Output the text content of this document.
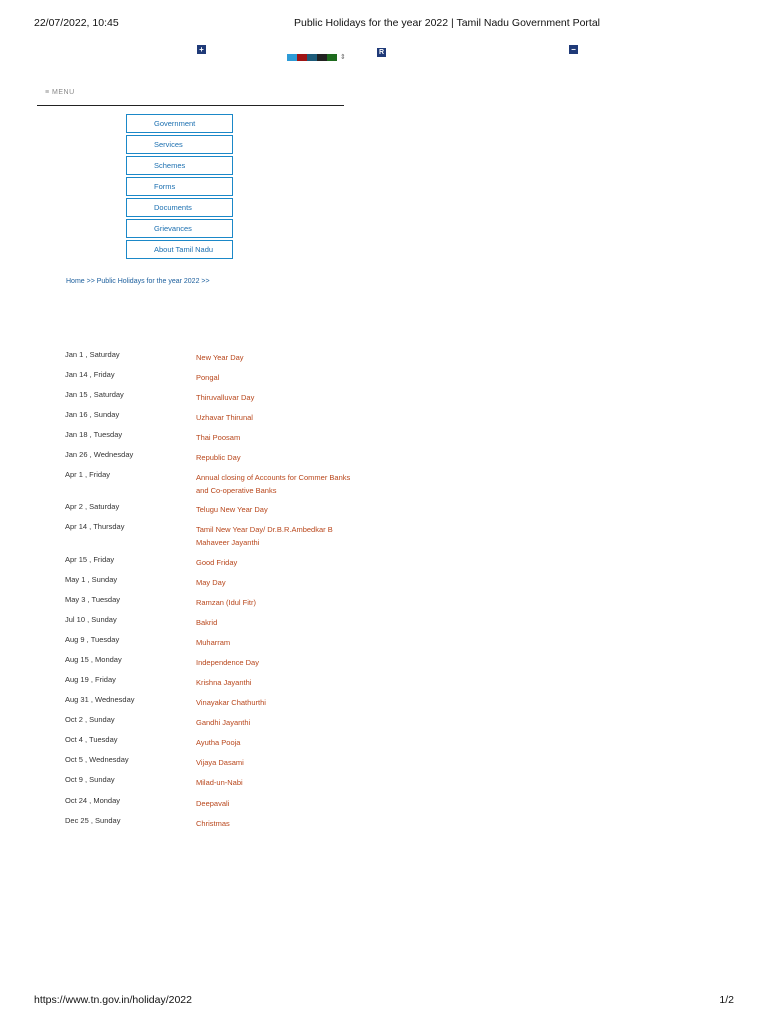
22/07/2022, 10:45	Public Holidays for the year 2022 | Tamil Nadu Government Portal
+
⇕
R	−
≡ MENU
Government
Services
Schemes
Forms
Documents
Grievances
About Tamil Nadu
Home >> Public Holidays for the year 2022 >>
Jan 1 , Saturday	New Year Day
Jan 14 , Friday	Pongal
Jan 15 , Saturday	Thiruvalluvar Day
Jan 16 , Sunday	Uzhavar Thirunal
Jan 18 , Tuesday	Thai Poosam
Jan 26 , Wednesday	Republic Day
Apr 1 , Friday	Annual closing of Accounts for Commer Banks and Co-operative Banks
Apr 2 , Saturday	Telugu New Year Day
Apr 14 , Thursday	Tamil New Year Day/ Dr.B.R.Ambedkar B Mahaveer Jayanthi
Apr 15 , Friday	Good Friday
May 1 , Sunday	May Day
May 3 , Tuesday	Ramzan (Idul Fitr)
Jul 10 , Sunday	Bakrid
Aug 9 , Tuesday	Muharram
Aug 15 , Monday	Independence Day
Aug 19 , Friday	Krishna Jayanthi
Aug 31 , Wednesday	Vinayakar Chathurthi
Oct 2 , Sunday	Gandhi Jayanthi
Oct 4 , Tuesday	Ayutha Pooja
Oct 5 , Wednesday	Vijaya Dasami
Oct 9 , Sunday	Milad-un-Nabi
Oct 24 , Monday	Deepavali
Dec 25 , Sunday	Christmas
https://www.tn.gov.in/holiday/2022	1/2
